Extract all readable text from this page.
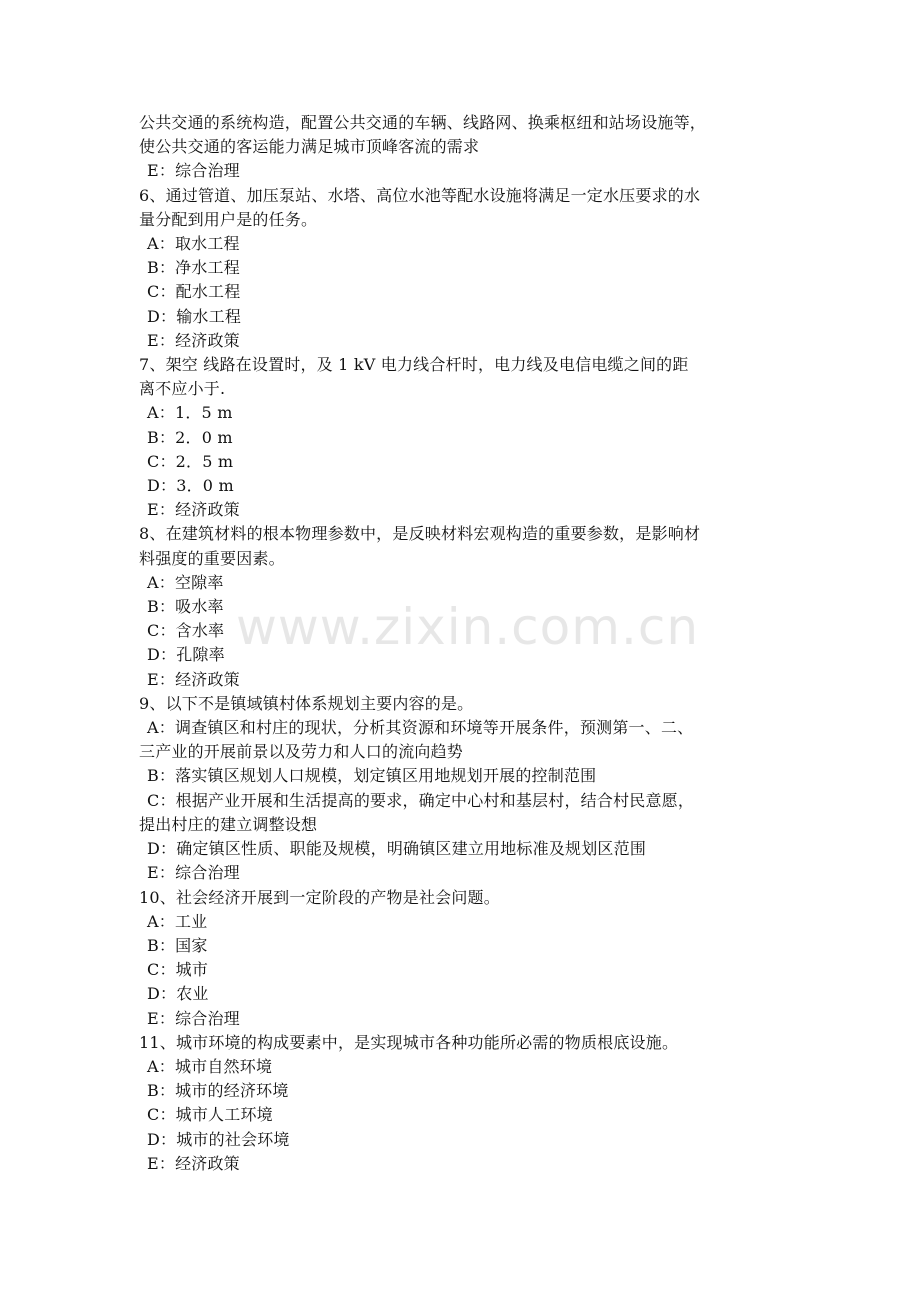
公共交通的系统构造，配置公共交通的车辆、线路网、换乘枢纽和站场设施等，
使公共交通的客运能力满足城市顶峰客流的需求
E：综合治理
6、通过管道、加压泵站、水塔、高位水池等配水设施将满足一定水压要求的水
量分配到用户是的任务。
A：取水工程
B：净水工程
C：配水工程
D：输水工程
E：经济政策
7、架空 线路在设置时，及 1 kV 电力线合杆时，电力线及电信电缆之间的距
离不应小于.
A：1．5 m
B：2．0 m
C：2．5 m
D：3．0 m
E：经济政策
8、在建筑材料的根本物理参数中，是反映材料宏观构造的重要参数，是影响材
料强度的重要因素。
A：空隙率
B：吸水率
C：含水率
D：孔隙率
E：经济政策
9、以下不是镇域镇村体系规划主要内容的是。
A：调查镇区和村庄的现状，分析其资源和环境等开展条件，预测第一、二、
三产业的开展前景以及劳力和人口的流向趋势
B：落实镇区规划人口规模，划定镇区用地规划开展的控制范围
C：根据产业开展和生活提高的要求，确定中心村和基层村，结合村民意愿，
提出村庄的建立调整设想
D：确定镇区性质、职能及规模，明确镇区建立用地标准及规划区范围
E：综合治理
10、社会经济开展到一定阶段的产物是社会问题。
A：工业
B：国家
C：城市
D：农业
E：综合治理
11、城市环境的构成要素中，是实现城市各种功能所必需的物质根底设施。
A：城市自然环境
B：城市的经济环境
C：城市人工环境
D：城市的社会环境
E：经济政策
www.zixin.com.cn
